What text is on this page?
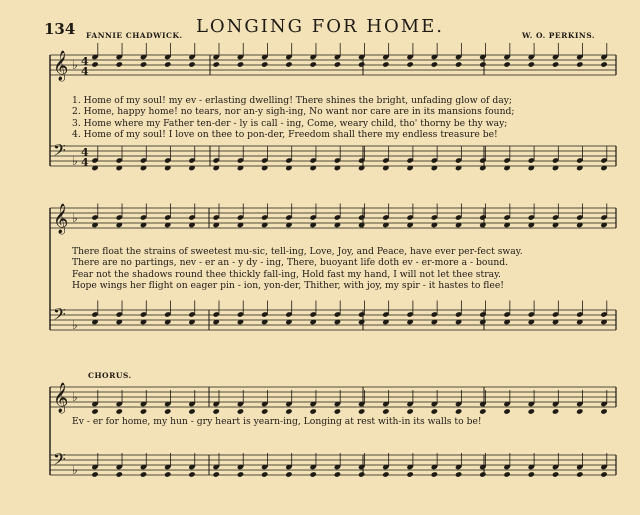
𝄞 ♭ 4
4
𝄢 ♭
4
4
𝄞 ♭
𝄢 ♭
𝄞 ♭
𝄢 ♭
134	LONGING FOR HOME.
FANNIE CHADWICK.	W. O. PERKINS.
CHORUS.
1. Home of my soul! my ev - erlasting dwelling! There shines the bright, unfading glow of day;
2. Home, happy home! no tears, nor an-y sigh-ing, No want nor care are in its mansions found;
3. Home where my Father ten-der - ly is call - ing, Come, weary child, tho' thorny be thy way;
4. Home of my soul! I love on thee to pon-der, Freedom shall there my endless treasure be!
There float the strains of sweetest mu-sic, tell-ing, Love, Joy, and Peace, have ever per-fect sway.
There are no partings, nev - er an - y dy - ing, There, buoyant life doth ev - er-more a - bound.
Fear not the shadows round thee thickly fall-ing, Hold fast my hand, I will not let thee stray.
Hope wings her flight on eager pin - ion, yon-der, Thither, with joy, my spir - it hastes to flee!
Ev - er for home, my hun - gry heart is yearn-ing, Longing at rest with-in its walls to be!
